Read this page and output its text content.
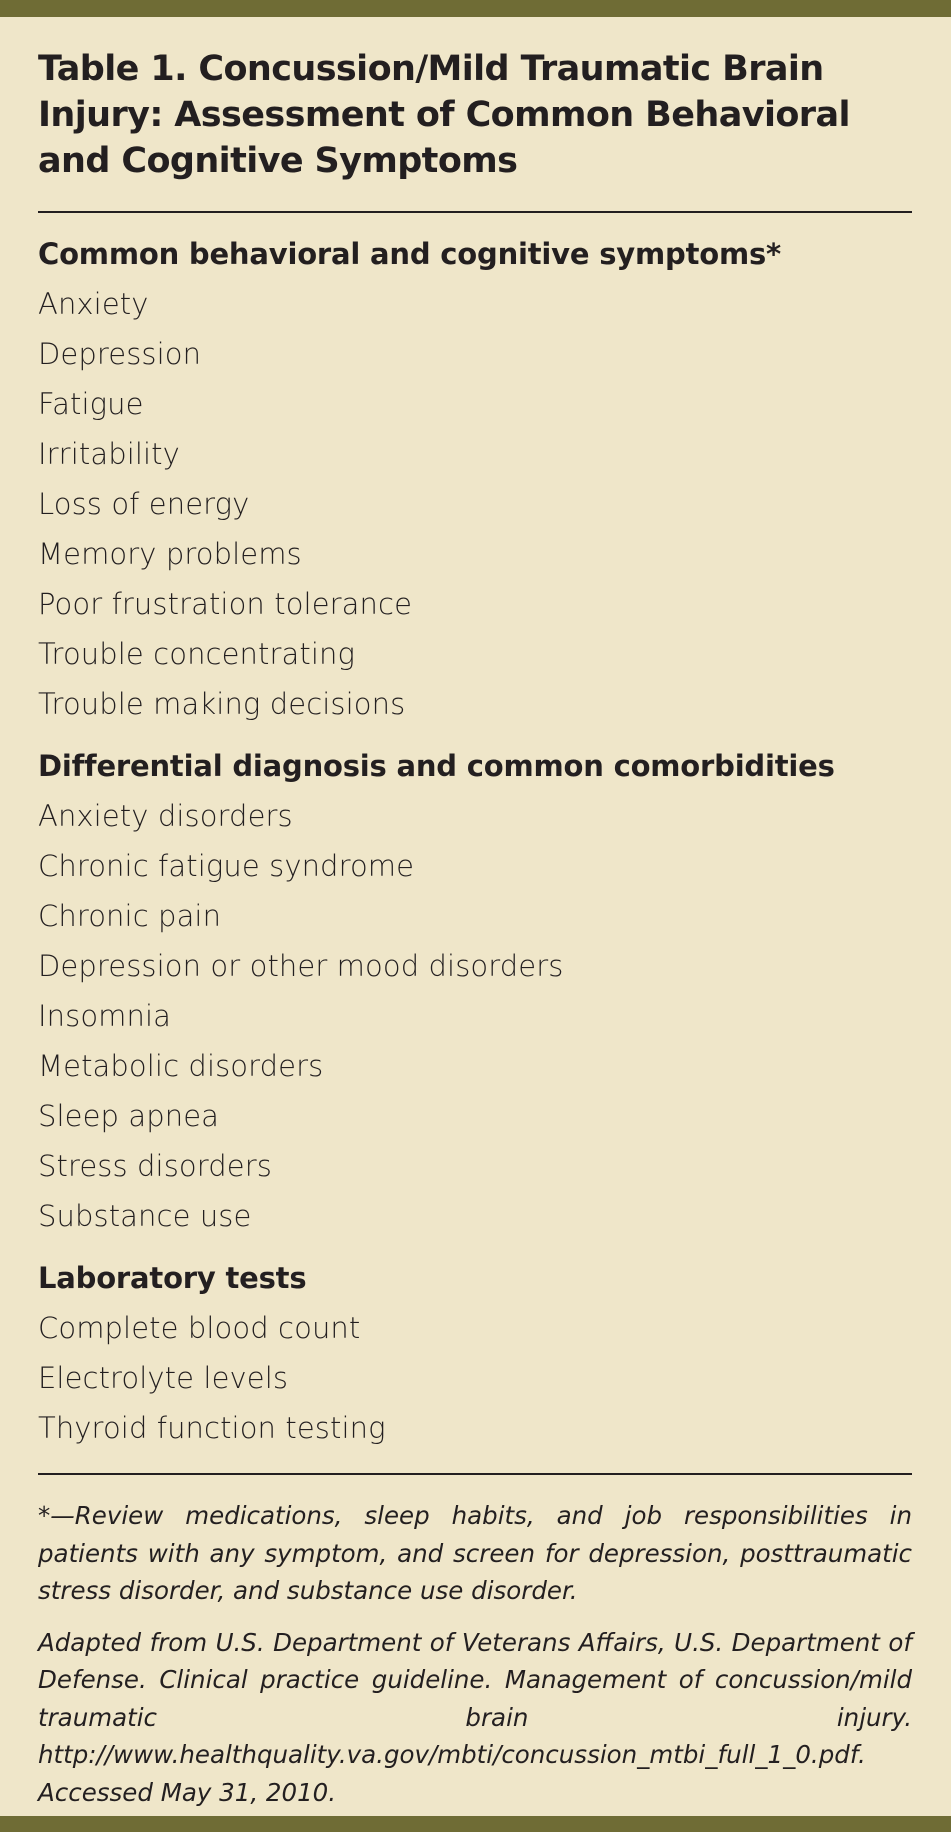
Table 1. Concussion/Mild Traumatic Brain
Injury: Assessment of Common Behavioral
and Cognitive Symptoms
Common behavioral and cognitive symptoms*
Anxiety
Depression
Fatigue
Irritability
Loss of energy
Memory problems
Poor frustration tolerance
Trouble concentrating
Trouble making decisions
Differential diagnosis and common comorbidities
Anxiety disorders
Chronic fatigue syndrome
Chronic pain
Depression or other mood disorders
Insomnia
Metabolic disorders
Sleep apnea
Stress disorders
Substance use
Laboratory tests
Complete blood count
Electrolyte levels
Thyroid function testing

*—Review medications, sleep habits, and job responsibilities in patients with any symptom, and screen for depression, posttraumatic stress disorder, and substance use disorder.

Adapted from U.S. Department of Veterans Affairs, U.S. Department of Defense. Clinical practice guideline. Management of concussion/mild traumatic brain injury. http://www.healthquality.va.gov/mbti/concussion_mtbi_full_1_0.pdf. Accessed May 31, 2010.
